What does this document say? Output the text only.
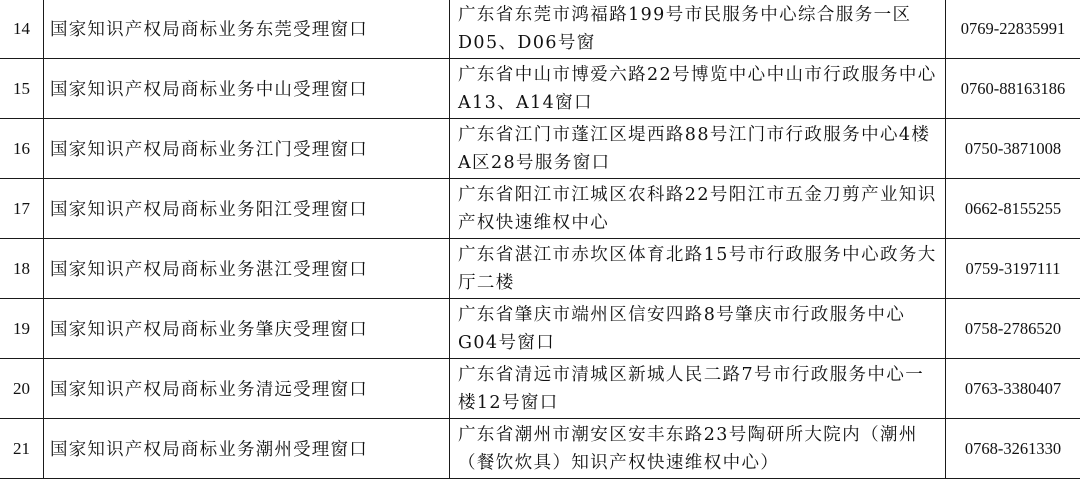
14	国家知识产权局商标业务东莞受理窗口	广东省东莞市鸿福路199号市民服务中心综合服务一区D05、D06号窗	0769-22835991
15	国家知识产权局商标业务中山受理窗口	广东省中山市博爱六路22号博览中心中山市行政服务中心A13、A14窗口	0760-88163186
16	国家知识产权局商标业务江门受理窗口	广东省江门市蓬江区堤西路88号江门市行政服务中心4楼A区28号服务窗口	0750-3871008
17	国家知识产权局商标业务阳江受理窗口	广东省阳江市江城区农科路22号阳江市五金刀剪产业知识产权快速维权中心	0662-8155255
18	国家知识产权局商标业务湛江受理窗口	广东省湛江市赤坎区体育北路15号市行政服务中心政务大厅二楼	0759-3197111
19	国家知识产权局商标业务肇庆受理窗口	广东省肇庆市端州区信安四路8号肇庆市行政服务中心G04号窗口	0758-2786520
20	国家知识产权局商标业务清远受理窗口	广东省清远市清城区新城人民二路7号市行政服务中心一楼12号窗口	0763-3380407
21	国家知识产权局商标业务潮州受理窗口	广东省潮州市潮安区安丰东路23号陶研所大院内（潮州（餐饮炊具）知识产权快速维权中心）	0768-3261330
